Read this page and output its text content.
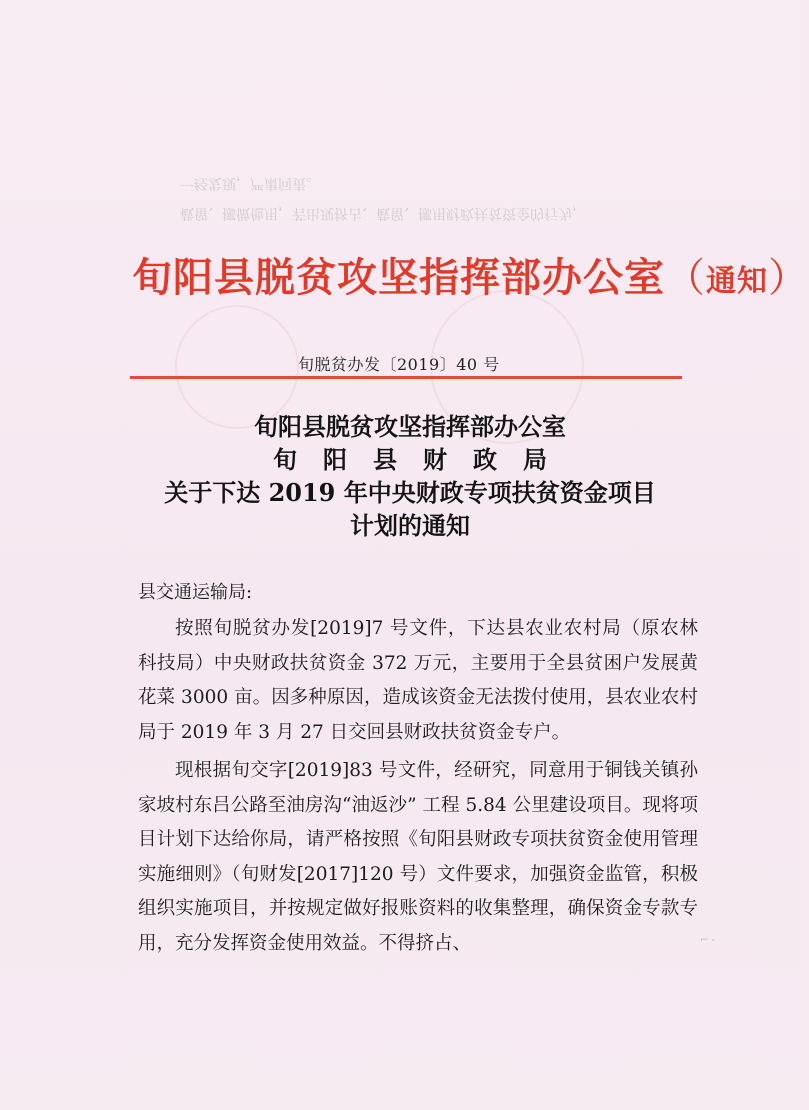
截留、挪做他用，若出现挤占、截留、挪用财政扶贫资金的行为，
一经发现，严肃问责。
旬阳县脱贫攻坚指挥部办公室（通知）
旬脱贫办发〔2019〕40 号
旬阳县脱贫攻坚指挥部办公室
旬阳县财政局
关于下达 2019 年中央财政专项扶贫资金项目
计划的通知
县交通运输局:

按照旬脱贫办发[2019]7 号文件，下达县农业农村局（原农林科技局）中央财政扶贫资金 372 万元，主要用于全县贫困户发展黄花菜 3000 亩。因多种原因，造成该资金无法拨付使用，县农业农村局于 2019 年 3 月 27 日交回县财政扶贫资金专户。

现根据旬交字[2019]83 号文件，经研究，同意用于铜钱关镇孙家坡村东吕公路至油房沟“油返沙” 工程 5.84 公里建设项目。现将项目计划下达给你局，请严格按照《旬阳县财政专项扶贫资金使用管理实施细则》（旬财发[2017]120 号）文件要求，加强资金监管，积极组织实施项目，并按规定做好报账资料的收集整理，确保资金专款专用，充分发挥资金使用效益。不得挤占、	⌐ -
